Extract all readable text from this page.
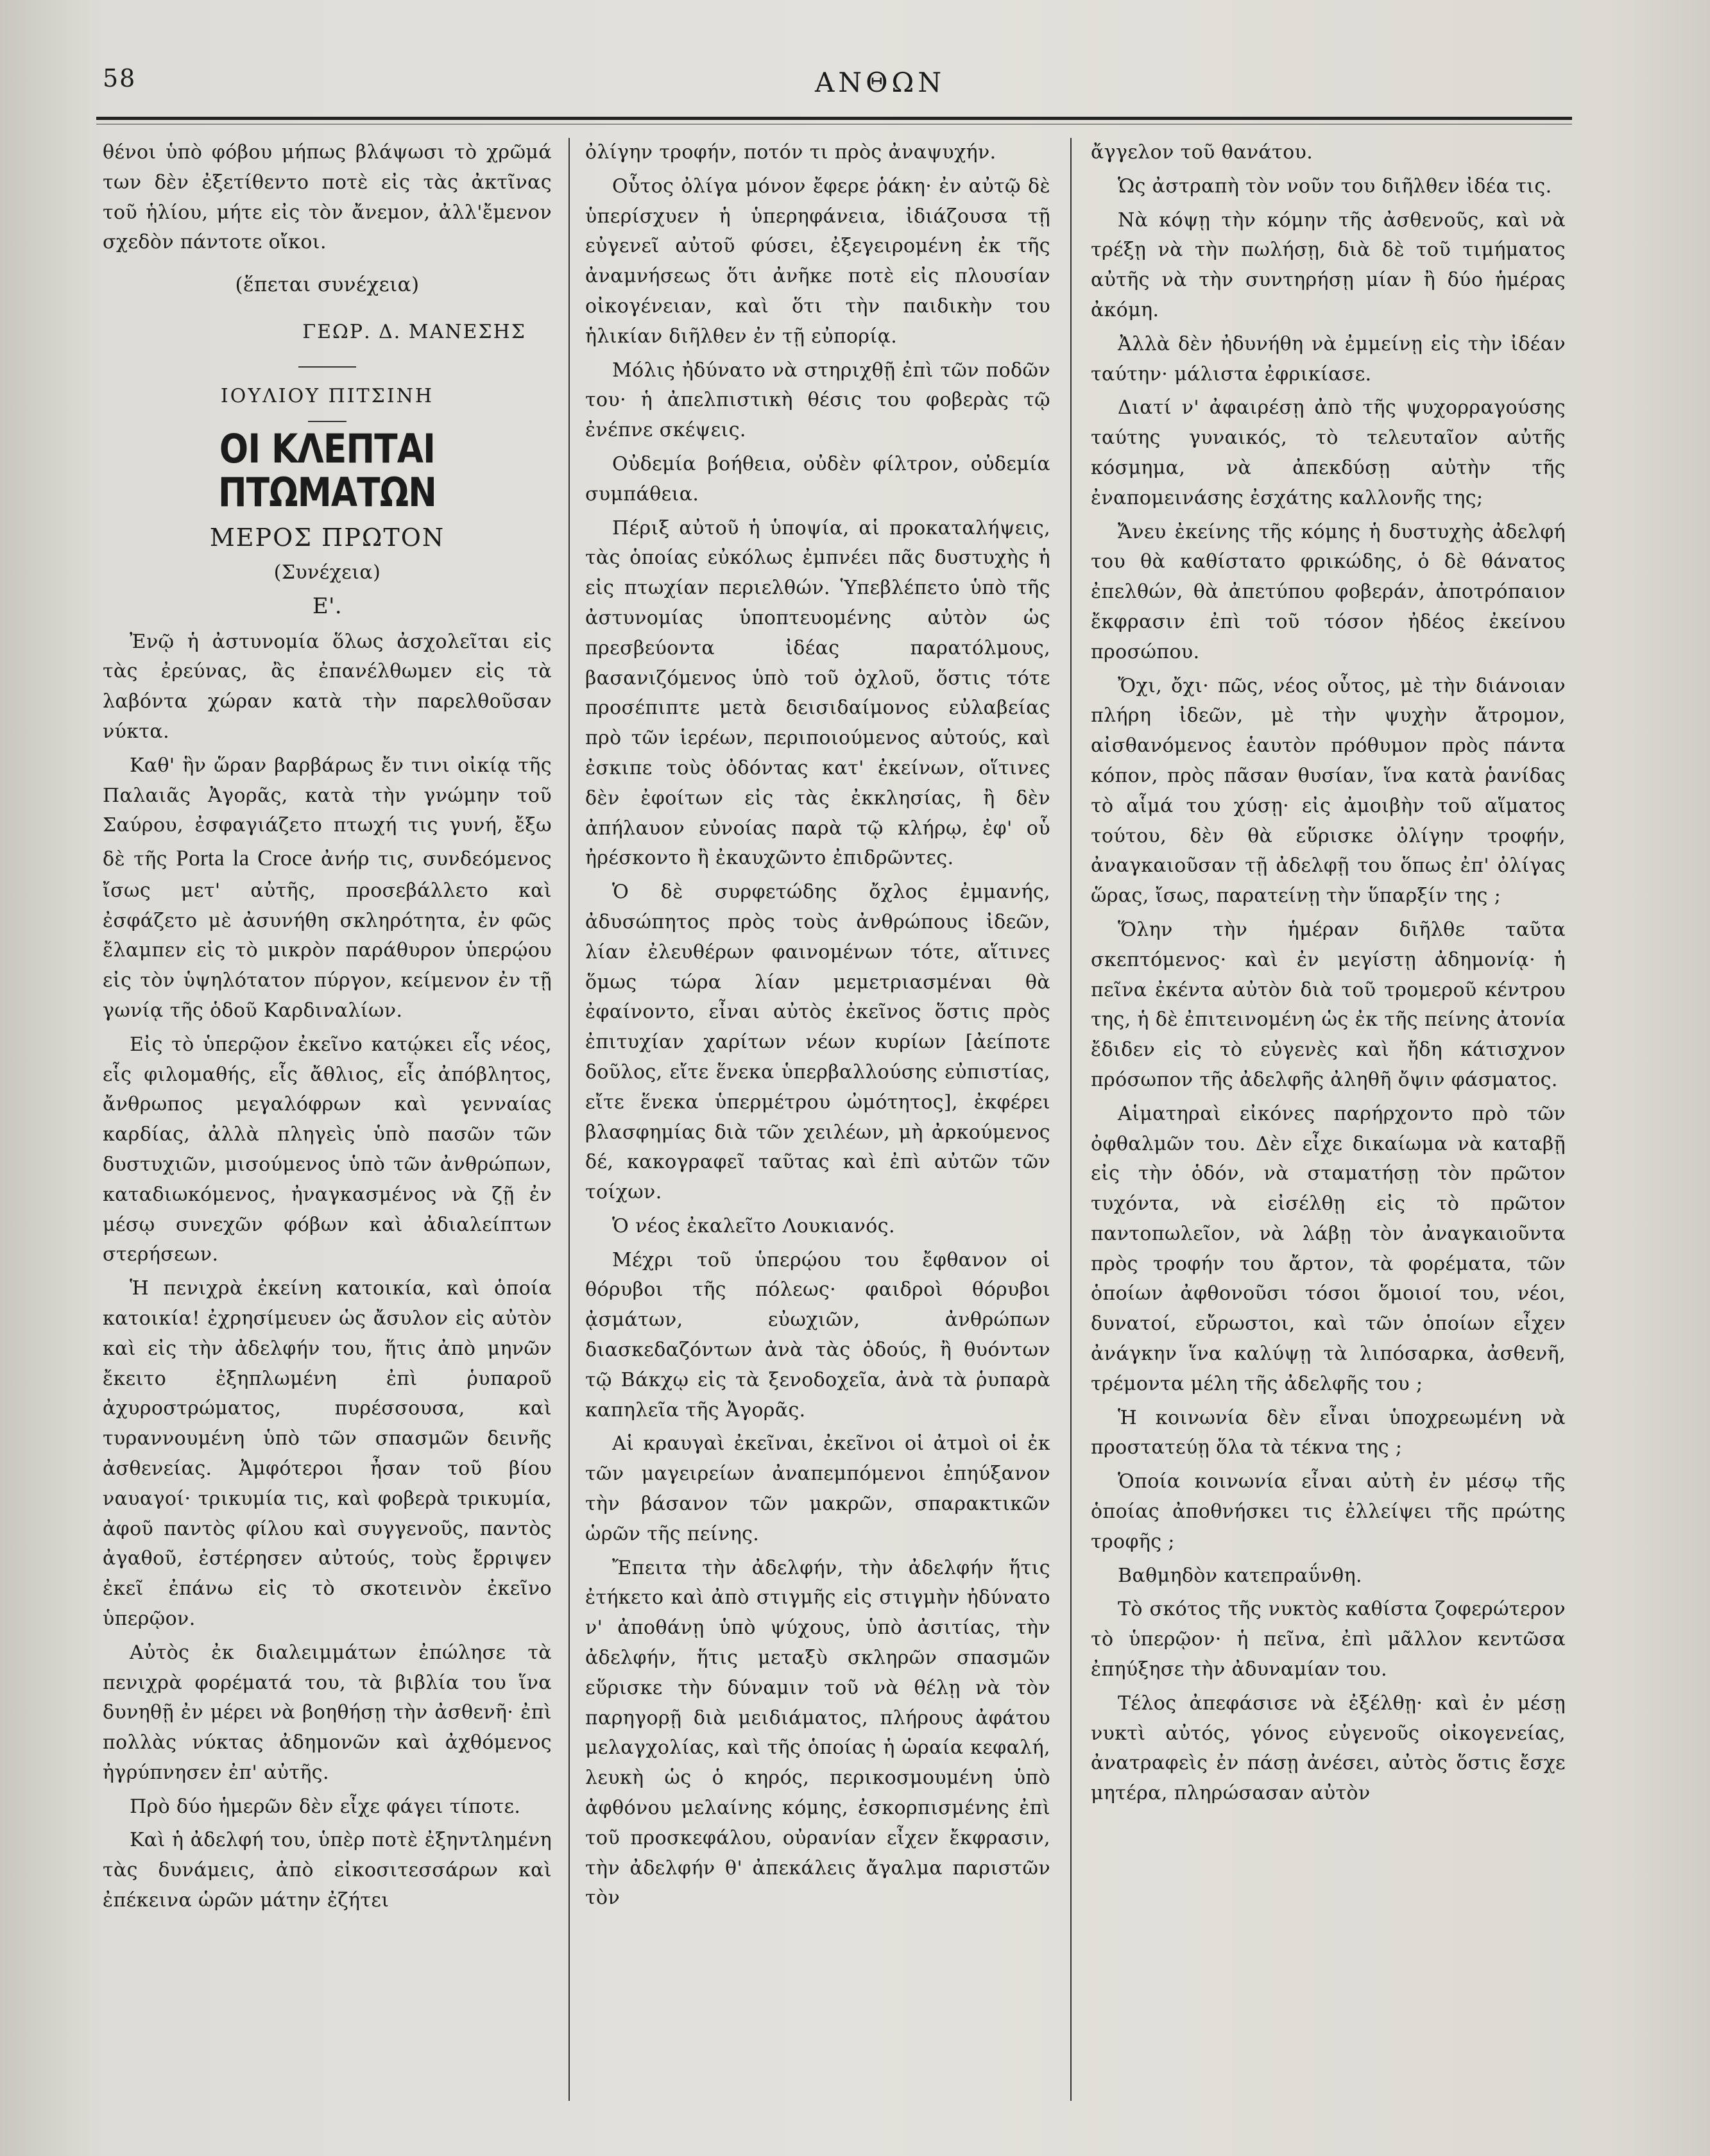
58	ΑΝΘΩΝ

θένοι ὑπὸ φόβου μήπως βλάψωσι τὸ χρῶμά των δὲν ἐξετίθεντο ποτὲ εἰς τὰς ἀκτῖνας τοῦ ἡλίου, μήτε εἰς τὸν ἄνεμον, ἀλλ'ἔμενον σχεδὸν πάντοτε οἴκοι.

(ἕπεται συνέχεια)
ΓΕΩΡ. Δ. ΜΑΝΕΣΗΣ
ΙΟΥΛΙΟΥ ΠΙΤΣΙΝΗ
ΟΙ ΚΛΕΠΤΑΙ ΠΤΩΜΑΤΩΝ
ΜΕΡΟΣ ΠΡΩΤΟΝ
(Συνέχεια)
Ε'.

Ἐνῷ ἡ ἀστυνομία ὅλως ἀσχολεῖται εἰς τὰς ἐρεύνας, ἂς ἐπανέλθωμεν εἰς τὰ λαβόντα χώραν κατὰ τὴν παρελθοῦσαν νύκτα.

Καθ' ἣν ὥραν βαρβάρως ἔν τινι οἰκίᾳ τῆς Παλαιᾶς Ἀγορᾶς, κατὰ τὴν γνώμην τοῦ Σαύρου, ἐσφαγιάζετο πτωχή τις γυνή, ἔξω δὲ τῆς Porta la Croce ἀνήρ τις, συνδεόμενος ἴσως μετ' αὐτῆς, προσεβάλλετο καὶ ἐσφάζετο μὲ ἀσυνήθη σκληρότητα, ἐν φῶς ἔλαμπεν εἰς τὸ μικρὸν παράθυρον ὑπερῴου εἰς τὸν ὑψηλότατον πύργον, κείμενον ἐν τῇ γωνίᾳ τῆς ὁδοῦ Καρδιναλίων.

Εἰς τὸ ὑπερῷον ἐκεῖνο κατῴκει εἷς νέος, εἷς φιλομαθής, εἷς ἄθλιος, εἷς ἀπόβλητος, ἄνθρωπος μεγαλόφρων καὶ γενναίας καρδίας, ἀλλὰ πληγεὶς ὑπὸ πασῶν τῶν δυστυχιῶν, μισούμενος ὑπὸ τῶν ἀνθρώπων, καταδιωκόμενος, ἠναγκασμένος νὰ ζῇ ἐν μέσῳ συνεχῶν φόβων καὶ ἀδιαλείπτων στερήσεων.

Ἡ πενιχρὰ ἐκείνη κατοικία, καὶ ὁποία κατοικία! ἐχρησίμευεν ὡς ἄσυλον εἰς αὐτὸν καὶ εἰς τὴν ἀδελφήν του, ἥτις ἀπὸ μηνῶν ἔκειτο ἐξηπλωμένη ἐπὶ ῥυπαροῦ ἀχυροστρώματος, πυρέσσουσα, καὶ τυραννουμένη ὑπὸ τῶν σπασμῶν δεινῆς ἀσθενείας. Ἀμφότεροι ἦσαν τοῦ βίου ναυαγοί· τρικυμία τις, καὶ φοβερὰ τρικυμία, ἀφοῦ παντὸς φίλου καὶ συγγενοῦς, παντὸς ἀγαθοῦ, ἐστέρησεν αὐτούς, τοὺς ἔρριψεν ἐκεῖ ἐπάνω εἰς τὸ σκοτεινὸν ἐκεῖνο ὑπερῷον.

Αὐτὸς ἐκ διαλειμμάτων ἐπώλησε τὰ πενιχρὰ φορέματά του, τὰ βιβλία του ἵνα δυνηθῇ ἐν μέρει νὰ βοηθήσῃ τὴν ἀσθενῆ· ἐπὶ πολλὰς νύκτας ἀδημονῶν καὶ ἀχθόμενος ἠγρύπνησεν ἐπ' αὐτῆς.

Πρὸ δύο ἡμερῶν δὲν εἶχε φάγει τίποτε.

Καὶ ἡ ἀδελφή του, ὑπὲρ ποτὲ ἐξηντλημένη τὰς δυνάμεις, ἀπὸ εἰκοσιτεσσάρων καὶ ἐπέκεινα ὡρῶν μάτην ἐζήτει

ὀλίγην τροφήν, ποτόν τι πρὸς ἀναψυχήν.

Οὗτος ὀλίγα μόνον ἔφερε ῥάκη· ἐν αὐτῷ δὲ ὑπερίσχυεν ἡ ὑπερηφάνεια, ἰδιάζουσα τῇ εὐγενεῖ αὐτοῦ φύσει, ἐξεγειρομένη ἐκ τῆς ἀναμνήσεως ὅτι ἀνῆκε ποτὲ εἰς πλουσίαν οἰκογένειαν, καὶ ὅτι τὴν παιδικὴν του ἡλικίαν διῆλθεν ἐν τῇ εὐπορίᾳ.

Μόλις ἠδύνατο νὰ στηριχθῇ ἐπὶ τῶν ποδῶν του· ἡ ἀπελπιστικὴ θέσις του φοβερὰς τῷ ἐνέπνε σκέψεις.

Οὐδεμία βοήθεια, οὐδὲν φίλτρον, οὐδεμία συμπάθεια.

Πέριξ αὐτοῦ ἡ ὑποψία, αἱ προκαταλήψεις, τὰς ὁποίας εὐκόλως ἐμπνέει πᾶς δυστυχὴς ἡ εἰς πτωχίαν περιελθών. Ὑπεβλέπετο ὑπὸ τῆς ἀστυνομίας ὑποπτευομένης αὐτὸν ὡς πρεσβεύοντα ἰδέας παρατόλμους, βασανιζόμενος ὑπὸ τοῦ ὀχλοῦ, ὅστις τότε προσέπιπτε μετὰ δεισιδαίμονος εὐλαβείας πρὸ τῶν ἱερέων, περιποιούμενος αὐτούς, καὶ ἐσκιπε τοὺς ὀδόντας κατ' ἐκείνων, οἵτινες δὲν ἐφοίτων εἰς τὰς ἐκκλησίας, ἢ δὲν ἀπήλαυον εὐνοίας παρὰ τῷ κλήρῳ, ἐφ' οὗ ἠρέσκοντο ἢ ἐκαυχῶντο ἐπιδρῶντες.

Ὁ δὲ συρφετώδης ὄχλος ἐμμανής, ἀδυσώπητος πρὸς τοὺς ἀνθρώπους ἰδεῶν, λίαν ἐλευθέρων φαινομένων τότε, αἵτινες ὅμως τώρα λίαν μεμετριασμέναι θὰ ἐφαίνοντο, εἶναι αὐτὸς ἐκεῖνος ὅστις πρὸς ἐπιτυχίαν χαρίτων νέων κυρίων [ἀείποτε δοῦλος, εἴτε ἕνεκα ὑπερβαλλούσης εὐπιστίας, εἴτε ἕνεκα ὑπερμέτρου ὠμότητος], ἐκφέρει βλασφημίας διὰ τῶν χειλέων, μὴ ἀρκούμενος δέ, κακογραφεῖ ταῦτας καὶ ἐπὶ αὐτῶν τῶν τοίχων.

Ὁ νέος ἐκαλεῖτο Λουκιανός.

Μέχρι τοῦ ὑπερῴου του ἔφθανον οἱ θόρυβοι τῆς πόλεως· φαιδροὶ θόρυβοι ᾀσμάτων, εὐωχιῶν, ἀνθρώπων διασκεδαζόντων ἀνὰ τὰς ὁδούς, ἢ θυόντων τῷ Βάκχῳ εἰς τὰ ξενοδοχεῖα, ἀνὰ τὰ ῥυπαρὰ καπηλεῖα τῆς Ἀγορᾶς.

Αἱ κραυγαὶ ἐκεῖναι, ἐκεῖνοι οἱ ἀτμοὶ οἱ ἐκ τῶν μαγειρείων ἀναπεμπόμενοι ἐπηύξανον τὴν βάσανον τῶν μακρῶν, σπαρακτικῶν ὡρῶν τῆς πείνης.

Ἔπειτα τὴν ἀδελφήν, τὴν ἀδελφήν ἥτις ἐτήκετο καὶ ἀπὸ στιγμῆς εἰς στιγμὴν ἠδύνατο ν' ἀποθάνῃ ὑπὸ ψύχους, ὑπὸ ἀσιτίας, τὴν ἀδελφήν, ἥτις μεταξὺ σκληρῶν σπασμῶν εὕρισκε τὴν δύναμιν τοῦ νὰ θέλῃ νὰ τὸν παρηγορῇ διὰ μειδιάματος, πλήρους ἀφάτου μελαγχολίας, καὶ τῆς ὁποίας ἡ ὡραία κεφαλή, λευκὴ ὡς ὁ κηρός, περικοσμουμένη ὑπὸ ἀφθόνου μελαίνης κόμης, ἐσκορπισμένης ἐπὶ τοῦ προσκεφάλου, οὐρανίαν εἶχεν ἔκφρασιν, τὴν ἀδελφήν θ' ἀπεκάλεις ἄγαλμα παριστῶν τὸν

ἄγγελον τοῦ θανάτου.

Ὡς ἀστραπὴ τὸν νοῦν του διῆλθεν ἰδέα τις.

Νὰ κόψῃ τὴν κόμην τῆς ἀσθενοῦς, καὶ νὰ τρέξῃ νὰ τὴν πωλήσῃ, διὰ δὲ τοῦ τιμήματος αὐτῆς νὰ τὴν συντηρήσῃ μίαν ἢ δύο ἡμέρας ἀκόμη.

Ἀλλὰ δὲν ἠδυνήθη νὰ ἐμμείνῃ εἰς τὴν ἰδέαν ταύτην· μάλιστα ἐφρικίασε.

Διατί ν' ἀφαιρέσῃ ἀπὸ τῆς ψυχορραγούσης ταύτης γυναικός, τὸ τελευταῖον αὐτῆς κόσμημα, νὰ ἀπεκδύσῃ αὐτὴν τῆς ἐναπομεινάσης ἐσχάτης καλλονῆς της;

Ἄνευ ἐκείνης τῆς κόμης ἡ δυστυχὴς ἀδελφή του θὰ καθίστατο φρικώδης, ὁ δὲ θάνατος ἐπελθών, θὰ ἀπετύπου φοβεράν, ἀποτρόπαιον ἔκφρασιν ἐπὶ τοῦ τόσον ἠδέος ἐκείνου προσώπου.

Ὄχι, ὄχι· πῶς, νέος οὗτος, μὲ τὴν διάνοιαν πλήρη ἰδεῶν, μὲ τὴν ψυχὴν ἄτρομον, αἰσθανόμενος ἑαυτὸν πρόθυμον πρὸς πάντα κόπον, πρὸς πᾶσαν θυσίαν, ἵνα κατὰ ῥανίδας τὸ αἷμά του χύσῃ· εἰς ἀμοιβὴν τοῦ αἵματος τούτου, δὲν θὰ εὕρισκε ὀλίγην τροφήν, ἀναγκαιοῦσαν τῇ ἀδελφῇ του ὅπως ἐπ' ὀλίγας ὥρας, ἴσως, παρατείνῃ τὴν ὕπαρξίν της ;

Ὅλην τὴν ἡμέραν διῆλθε ταῦτα σκεπτόμενος· καὶ ἐν μεγίστῃ ἀδημονίᾳ· ἡ πεῖνα ἐκέντα αὐτὸν διὰ τοῦ τρομεροῦ κέντρου της, ἡ δὲ ἐπιτεινομένη ὡς ἐκ τῆς πείνης ἀτονία ἔδιδεν εἰς τὸ εὐγενὲς καὶ ἤδη κάτισχνον πρόσωπον τῆς ἀδελφῆς ἀληθῆ ὄψιν φάσματος.

Αἱματηραὶ εἰκόνες παρήρχοντο πρὸ τῶν ὀφθαλμῶν του. Δὲν εἶχε δικαίωμα νὰ καταβῇ εἰς τὴν ὁδόν, νὰ σταματήσῃ τὸν πρῶτον τυχόντα, νὰ εἰσέλθῃ εἰς τὸ πρῶτον παντοπωλεῖον, νὰ λάβῃ τὸν ἀναγκαιοῦντα πρὸς τροφήν του ἄρτον, τὰ φορέματα, τῶν ὁποίων ἀφθονοῦσι τόσοι ὅμοιοί του, νέοι, δυνατοί, εὔρωστοι, καὶ τῶν ὁποίων εἶχεν ἀνάγκην ἵνα καλύψῃ τὰ λιπόσαρκα, ἀσθενῆ, τρέμοντα μέλη τῆς ἀδελφῆς του ;

Ἡ κοινωνία δὲν εἶναι ὑποχρεωμένη νὰ προστατεύῃ ὅλα τὰ τέκνα της ;

Ὁποία κοινωνία εἶναι αὐτὴ ἐν μέσῳ τῆς ὁποίας ἀποθνήσκει τις ἐλλείψει τῆς πρώτης τροφῆς ;

Βαθμηδὸν κατεπραΰνθη.

Τὸ σκότος τῆς νυκτὸς καθίστα ζοφερώτερον τὸ ὑπερῷον· ἡ πεῖνα, ἐπὶ μᾶλλον κεντῶσα ἐπηύξησε τὴν ἀδυναμίαν του.

Τέλος ἀπεφάσισε νὰ ἐξέλθῃ· καὶ ἐν μέσῃ νυκτὶ αὐτός, γόνος εὐγενοῦς οἰκογενείας, ἀνατραφεὶς ἐν πάσῃ ἀνέσει, αὐτὸς ὅστις ἔσχε μητέρα, πληρώσασαν αὐτὸν
